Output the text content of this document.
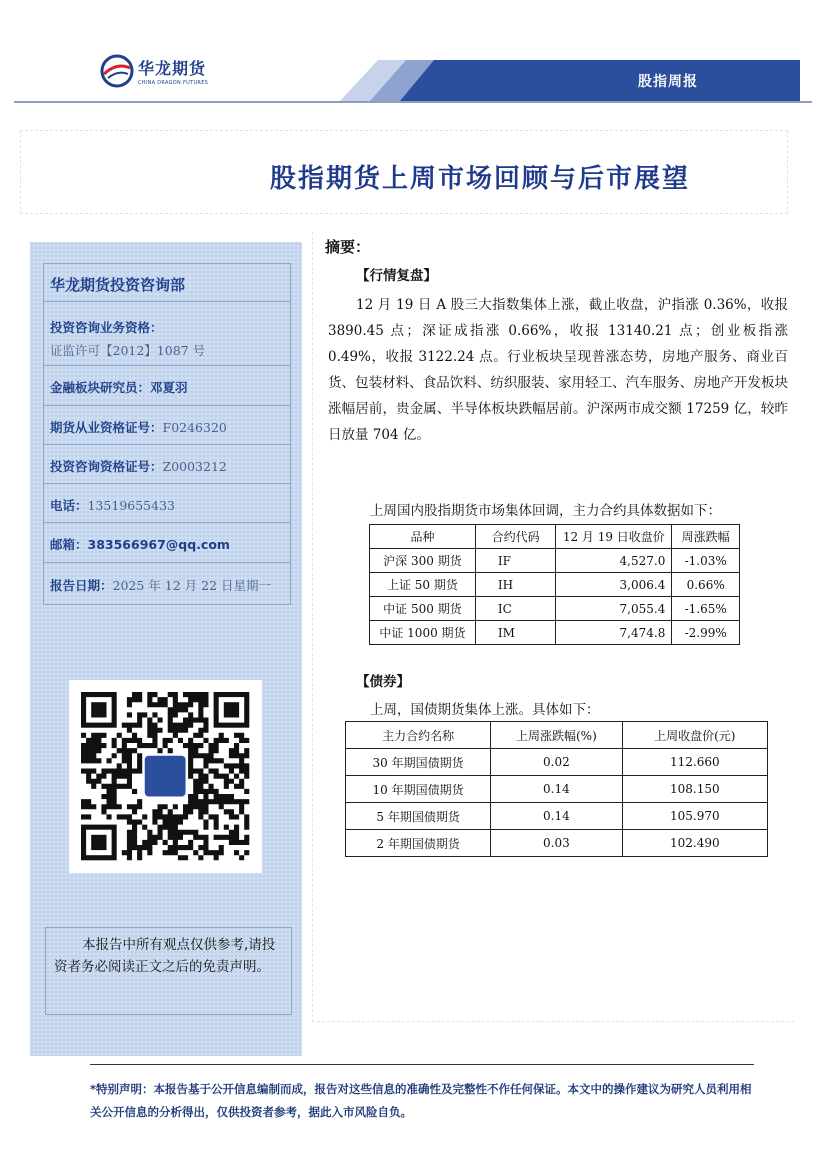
华龙期货
CHINA DRAGON FUTURES	股指周报
股指期货上周市场回顾与后市展望
华龙期货投资咨询部
投资咨询业务资格：
证监许可【2012】1087 号
金融板块研究员：邓夏羽
期货从业资格证号：F0246320
投资咨询资格证号：Z0003212
电话：13519655433
邮箱：383566967@qq.com
报告日期：2025 年 12 月 22 日星期一
本报告中所有观点仅供参考,请投资者务必阅读正文之后的免责声明。
摘要：
【行情复盘】
12 月 19 日 A 股三大指数集体上涨，截止收盘，沪指涨 0.36%，收报 3890.45 点；深证成指涨 0.66%，收报 13140.21 点；创业板指涨 0.49%，收报 3122.24 点。行业板块呈现普涨态势，房地产服务、商业百货、包装材料、食品饮料、纺织服装、家用轻工、汽车服务、房地产开发板块涨幅居前，贵金属、半导体板块跌幅居前。沪深两市成交额 17259 亿，较昨日放量 704 亿。
上周国内股指期货市场集体回调，主力合约具体数据如下：
品种	合约代码	12 月 19 日收盘价	周涨跌幅
沪深 300 期货	IF	4,527.0	-1.03%
上证 50 期货	IH	3,006.4	0.66%
中证 500 期货	IC	7,055.4	-1.65%
中证 1000 期货	IM	7,474.8	-2.99%
【债券】
上周，国债期货集体上涨。具体如下：
主力合约名称	上周涨跌幅(%)	上周收盘价(元)
30 年期国债期货	0.02	112.660
10 年期国债期货	0.14	108.150
5 年期国债期货	0.14	105.970
2 年期国债期货	0.03	102.490
*特别声明：本报告基于公开信息编制而成，报告对这些信息的准确性及完整性不作任何保证。本文中的操作建议为研究人员利用相关公开信息的分析得出，仅供投资者参考，据此入市风险自负。
